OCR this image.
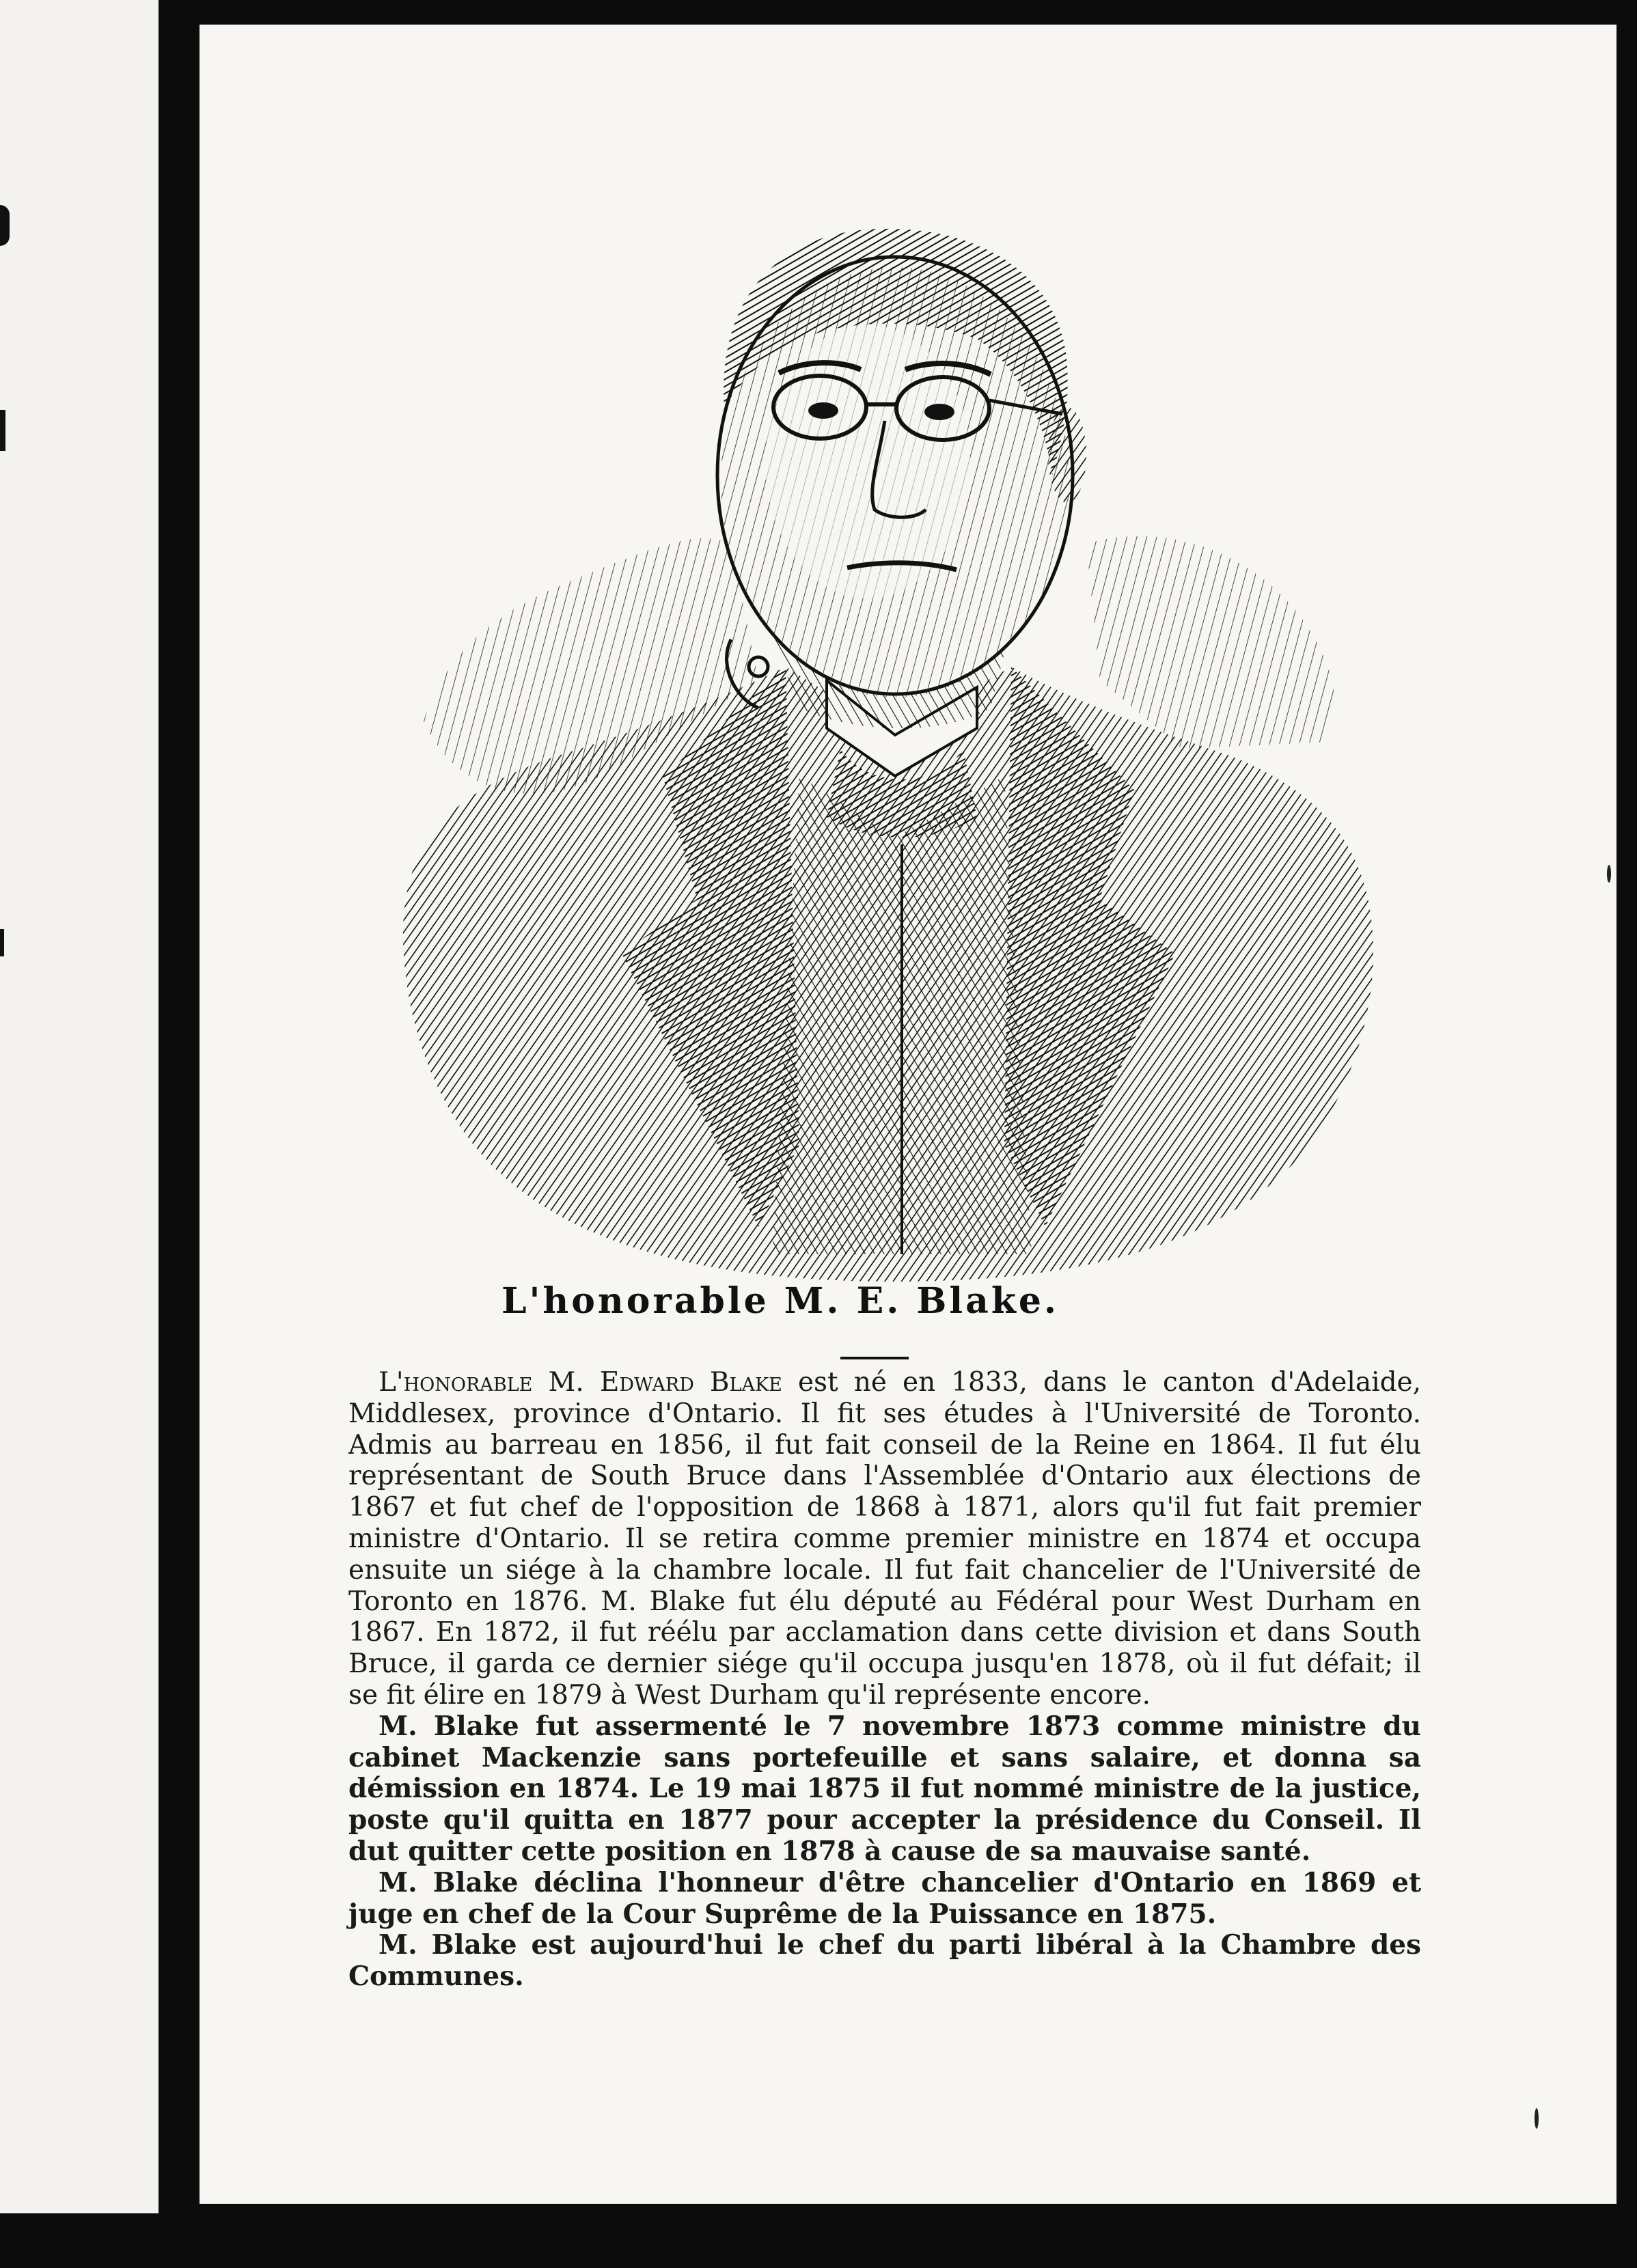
L'honorable M. E. Blake.

L'honorable M. Edward Blake est né en 1833, dans le canton d'Adelaide, Middlesex, province d'Ontario. Il fit ses études à l'Université de Toronto. Admis au barreau en 1856, il fut fait conseil de la Reine en 1864. Il fut élu représentant de South Bruce dans l'Assemblée d'Ontario aux élections de 1867 et fut chef de l'opposition de 1868 à 1871, alors qu'il fut fait premier ministre d'Ontario. Il se retira comme premier ministre en 1874 et occupa ensuite un siége à la chambre locale. Il fut fait chancelier de l'Université de Toronto en 1876. M. Blake fut élu député au Fédéral pour West Durham en 1867. En 1872, il fut réélu par acclamation dans cette division et dans South Bruce, il garda ce dernier siége qu'il occupa jusqu'en 1878, où il fut défait; il se fit élire en 1879 à West Durham qu'il représente encore.

M. Blake fut assermenté le 7 novembre 1873 comme ministre du cabinet Mackenzie sans portefeuille et sans salaire, et donna sa démission en 1874. Le 19 mai 1875 il fut nommé ministre de la justice, poste qu'il quitta en 1877 pour accepter la présidence du Conseil. Il dut quitter cette position en 1878 à cause de sa mauvaise santé.

M. Blake déclina l'honneur d'être chancelier d'Ontario en 1869 et juge en chef de la Cour Suprême de la Puissance en 1875.

M. Blake est aujourd'hui le chef du parti libéral à la Chambre des Communes.
